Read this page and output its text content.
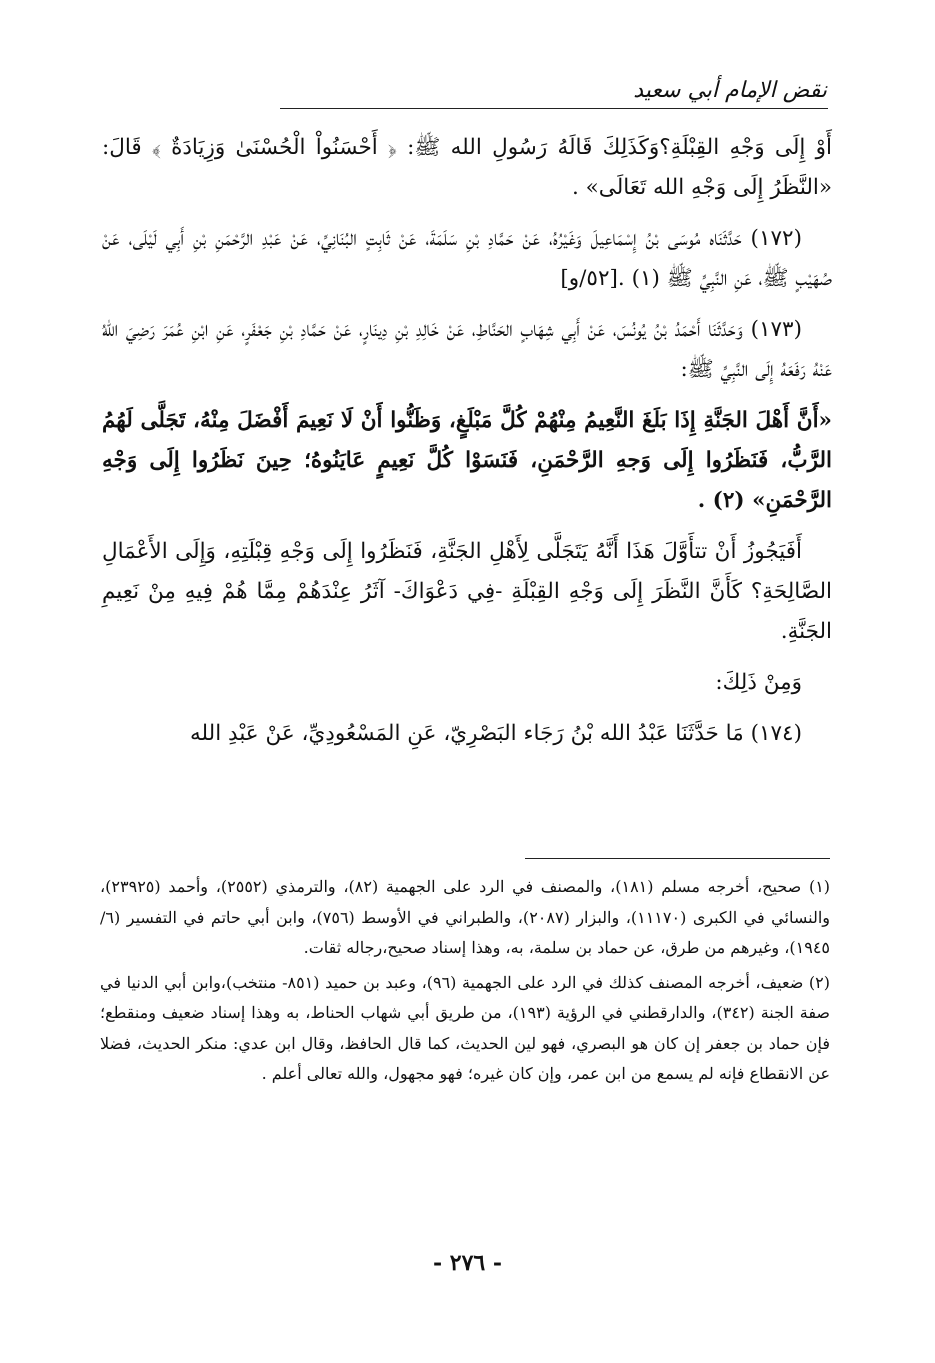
نقض الإمام أبي سعيد

أَوْ إِلَى وَجْهِ القِبْلَةِ؟وَكَذَلِكَ قَالَهُ رَسُولِ الله ﷺ: ﴿ أَحْسَنُواْ الْحُسْنَىٰ وَزِيَادَةٌ ﴾ قَالَ: «النَّظَرُ إِلَى وَجْهِ الله تَعَالَى» .

(١٧٢) حَدَّثَنَاه مُوسَى بْنُ إِسْمَاعِيلَ وَغَيْرُهُ، عَنْ حَمَّادِ بْنِ سَلَمَةَ، عَنْ ثَابِتٍ البُنَانِيِّ، عَنْ عَبْدِ الرَّحْمَنِ بْنِ أَبِي لَيْلَى، عَنْ صُهَيْبٍ ﷺ، عَنِ النَّبِيِّ ﷺ (١) .[٥٢/و]

(١٧٣) وَحَدَّثَنَا أَحْمَدُ بْنُ يُونُسَ، عَنْ أَبِي شِهَابٍ الحَنَّاطِ، عَنْ خَالِدِ بْنِ دِينَارٍ، عَنْ حَمَّادِ بْنِ جَعْفَرٍ، عَنِ ابْنِ عُمَرَ رَضِيَ اللهُ عَنْهُ رَفَعَهُ إِلَى النَّبِيِّ ﷺ:

«أَنَّ أَهْلَ الجَنَّةِ إِذَا بَلَغَ النَّعِيمُ مِنْهُمْ كُلَّ مَبْلَغٍ، وَظَنُّوا أَنْ لَا نَعِيمَ أَفْضَلَ مِنْهُ، تَجَلَّى لَهُمُ الرَّبُّ، فَنَظَرُوا إِلَى وَجهِ الرَّحْمَنِ، فَنَسَوْا كُلَّ نَعِيمٍ عَايَنُوهُ؛ حِينَ نَظَرُوا إِلَى وَجْهِ الرَّحْمَنِ» (٢) .

أَفَيَجُوزُ أَنْ تتأَوَّلَ هَذَا أَنَّهُ يَتَجَلَّى لِأَهْلِ الجَنَّةِ، فَنَظَرُوا إِلَى وَجْهِ قِبْلَتِهِ، وَإِلَى الأَعْمَالِ الصَّالِحَةِ؟ كَأَنَّ النَّظَرَ إِلَى وَجْهِ القِبْلَةِ -فِي دَعْوَاكَ- آثَرُ عِنْدَهُمْ مِمَّا هُمْ فِيهِ مِنْ نَعِيمِ الجَنَّةِ.

وَمِنْ ذَلِكَ:

(١٧٤) مَا حَدَّثَنَا عَبْدُ الله بْنُ رَجَاء البَصْرِيّ، عَنِ المَسْعُودِيِّ، عَنْ عَبْدِ الله

(١) صحيح، أخرجه مسلم (١٨١)، والمصنف في الرد على الجهمية (٨٢)، والترمذي (٢٥٥٢)، وأحمد (٢٣٩٢٥)، والنسائي في الكبرى (١١١٧٠)، والبزار (٢٠٨٧)، والطبراني في الأوسط (٧٥٦)، وابن أبي حاتم في التفسير (٦/ ١٩٤٥)، وغيرهم من طرق، عن حماد بن سلمة، به، وهذا إسناد صحيح،رجاله ثقات.

(٢) ضعيف، أخرجه المصنف كذلك في الرد على الجهمية (٩٦)، وعبد بن حميد (٨٥١- منتخب)،وابن أبي الدنيا في صفة الجنة (٣٤٢)، والدارقطني في الرؤية (١٩٣)، من طريق أبي شهاب الحناط، به وهذا إسناد ضعيف ومنقطع؛ فإن حماد بن جعفر إن كان هو البصري، فهو لين الحديث، كما قال الحافظ، وقال ابن عدي: منكر الحديث، فضلا عن الانقطاع فإنه لم يسمع من ابن عمر، وإن كان غيره؛ فهو مجهول، والله تعالى أعلم .

- ٢٧٦ -
